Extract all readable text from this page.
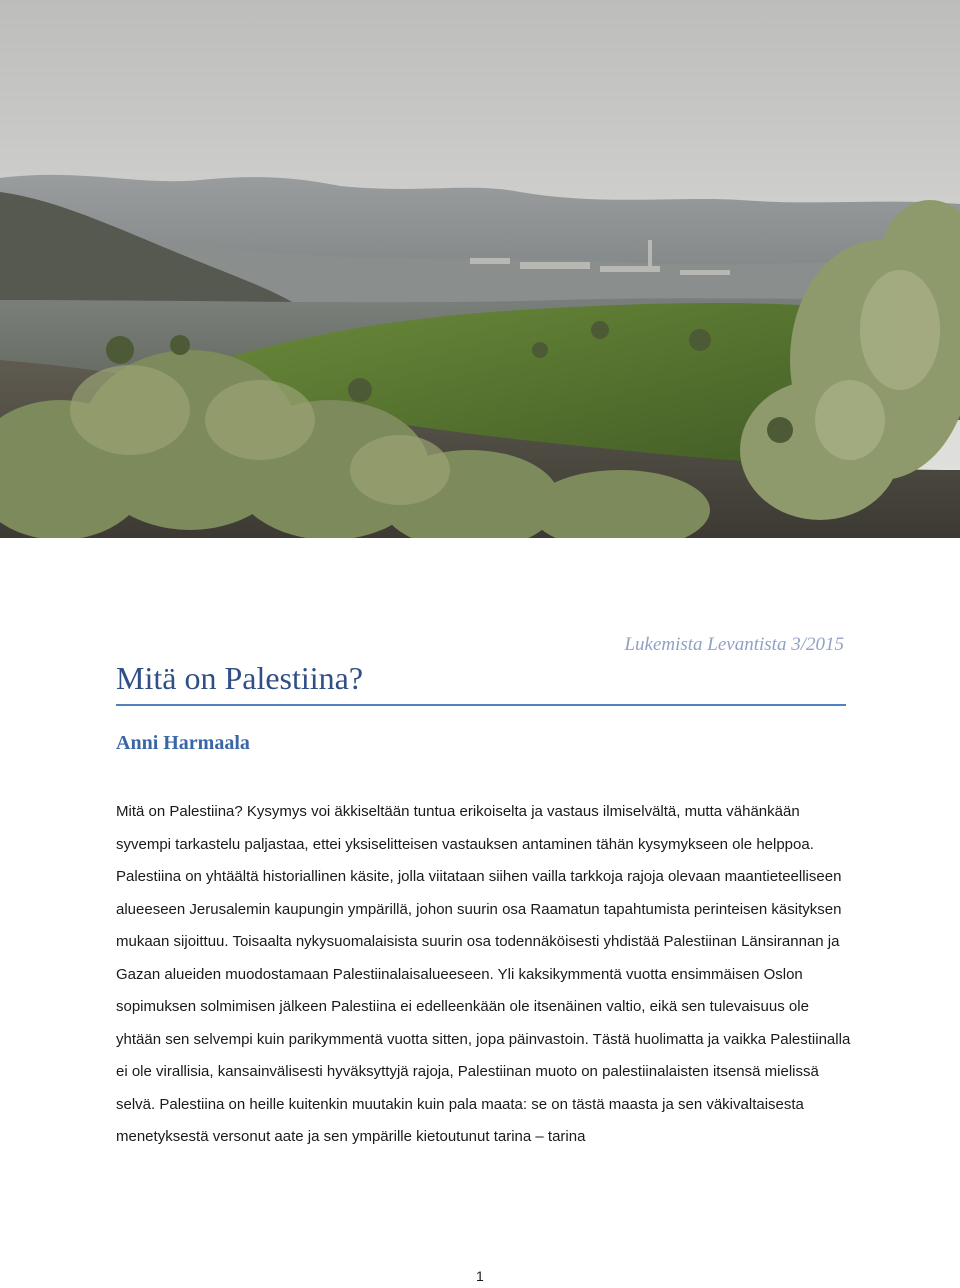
Lukemista Levantista 3/2015
Mitä on Palestiina?
Anni Harmaala

Mitä on Palestiina? Kysymys voi äkkiseltään tuntua erikoiselta ja vastaus ilmiselvältä, mutta vähänkään syvempi tarkastelu paljastaa, ettei yksiselitteisen vastauksen antaminen tähän kysymykseen ole helppoa. Palestiina on yhtäältä historiallinen käsite, jolla viitataan siihen vailla tarkkoja rajoja olevaan maantieteelliseen alueeseen Jerusalemin kaupungin ympärillä, johon suurin osa Raamatun tapahtumista perinteisen käsityksen mukaan sijoittuu. Toisaalta nykysuomalaisista suurin osa todennäköisesti yhdistää Palestiinan Länsirannan ja Gazan alueiden muodostamaan Palestiinalaisalueeseen. Yli kaksikymmentä vuotta ensimmäisen Oslon sopimuksen solmimisen jälkeen Palestiina ei edelleenkään ole itsenäinen valtio, eikä sen tulevaisuus ole yhtään sen selvempi kuin parikymmentä vuotta sitten, jopa päinvastoin. Tästä huolimatta ja vaikka Palestiinalla ei ole virallisia, kansainvälisesti hyväksyttyjä rajoja, Palestiinan muoto on palestiinalaisten itsensä mielissä selvä. Palestiina on heille kuitenkin muutakin kuin pala maata: se on tästä maasta ja sen väkivaltaisesta menetyksestä versonut aate ja sen ympärille kietoutunut tarina – tarina

1
